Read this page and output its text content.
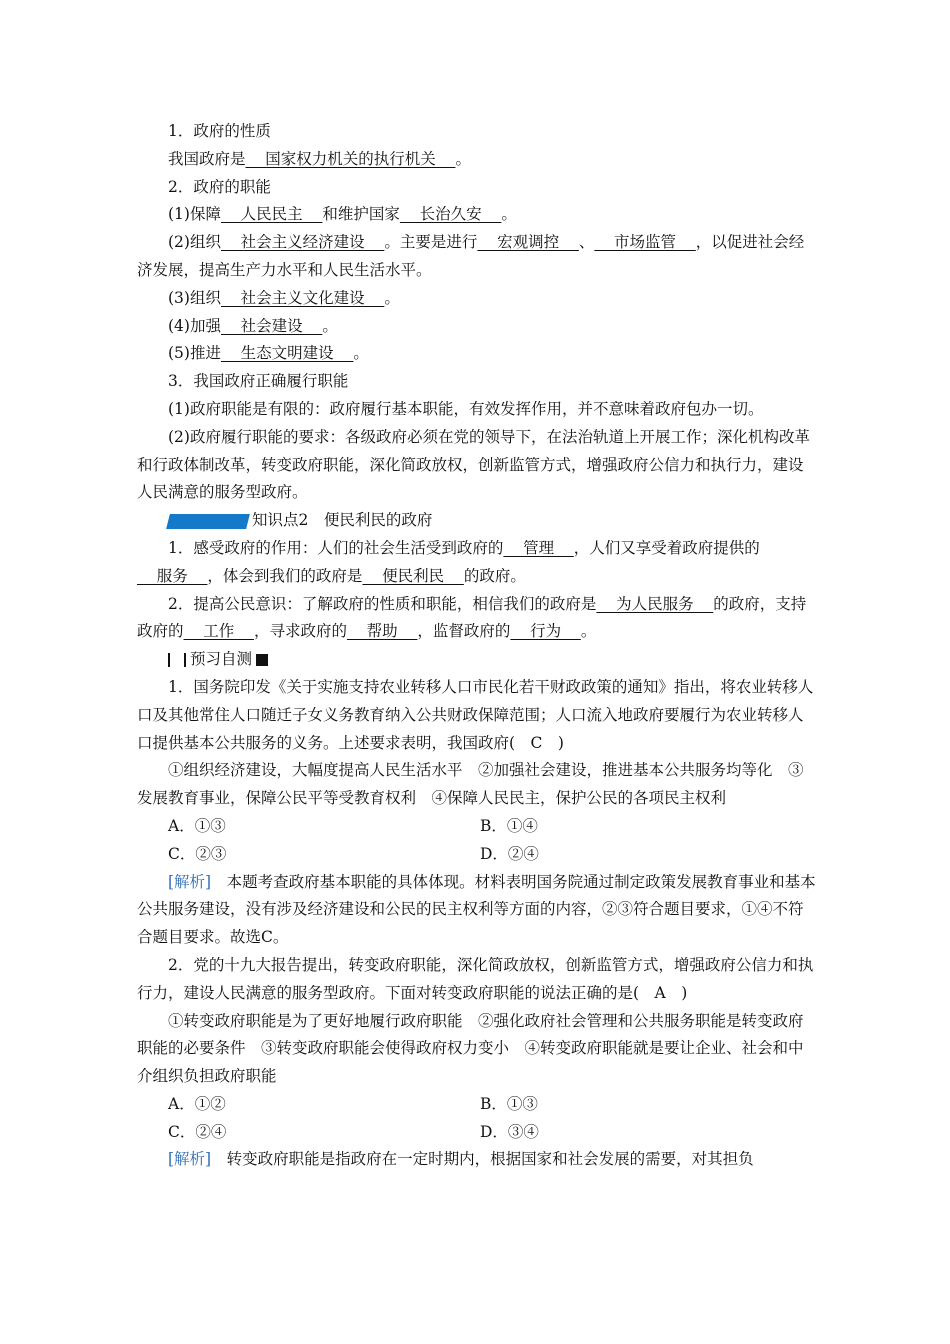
1．政府的性质

我国政府是    国家权力机关的执行机关    。

2．政府的职能

(1)保障    人民民主    和维护国家    长治久安    。

(2)组织    社会主义经济建设    。主要是进行    宏观调控    、    市场监管    ，以促进社会经济发展，提高生产力水平和人民生活水平。

(3)组织    社会主义文化建设    。

(4)加强    社会建设    。

(5)推进    生态文明建设    。

3．我国政府正确履行职能

(1)政府职能是有限的：政府履行基本职能，有效发挥作用，并不意味着政府包办一切。

(2)政府履行职能的要求：各级政府必须在党的领导下，在法治轨道上开展工作；深化机构改革和行政体制改革，转变政府职能，深化简政放权，创新监管方式，增强政府公信力和执行力，建设人民满意的服务型政府。

知识点2　便民利民的政府

1．感受政府的作用：人们的社会生活受到政府的    管理    ，人们又享受着政府提供的    服务    ，体会到我们的政府是    便民利民    的政府。

2．提高公民意识：了解政府的性质和职能，相信我们的政府是    为人民服务    的政府，支持政府的    工作    ，寻求政府的    帮助    ，监督政府的    行为    。

预习自测

1．国务院印发《关于实施支持农业转移人口市民化若干财政政策的通知》指出，将农业转移人口及其他常住人口随迁子女义务教育纳入公共财政保障范围；人口流入地政府要履行为农业转移人口提供基本公共服务的义务。上述要求表明，我国政府(　C　)

①组织经济建设，大幅度提高人民生活水平　②加强社会建设，推进基本公共服务均等化　③发展教育事业，保障公民平等受教育权利　④保障人民民主，保护公民的各项民主权利

A．①③	B．①④
C．②③	D．②④

[解析]　本题考查政府基本职能的具体体现。材料表明国务院通过制定政策发展教育事业和基本公共服务建设，没有涉及经济建设和公民的民主权利等方面的内容，②③符合题目要求，①④不符合题目要求。故选C。

2．党的十九大报告提出，转变政府职能，深化简政放权，创新监管方式，增强政府公信力和执行力，建设人民满意的服务型政府。下面对转变政府职能的说法正确的是(　A　)

①转变政府职能是为了更好地履行政府职能　②强化政府社会管理和公共服务职能是转变政府职能的必要条件　③转变政府职能会使得政府权力变小　④转变政府职能就是要让企业、社会和中介组织负担政府职能

A．①②	B．①③
C．②④	D．③④

[解析]　转变政府职能是指政府在一定时期内，根据国家和社会发展的需要，对其担负
